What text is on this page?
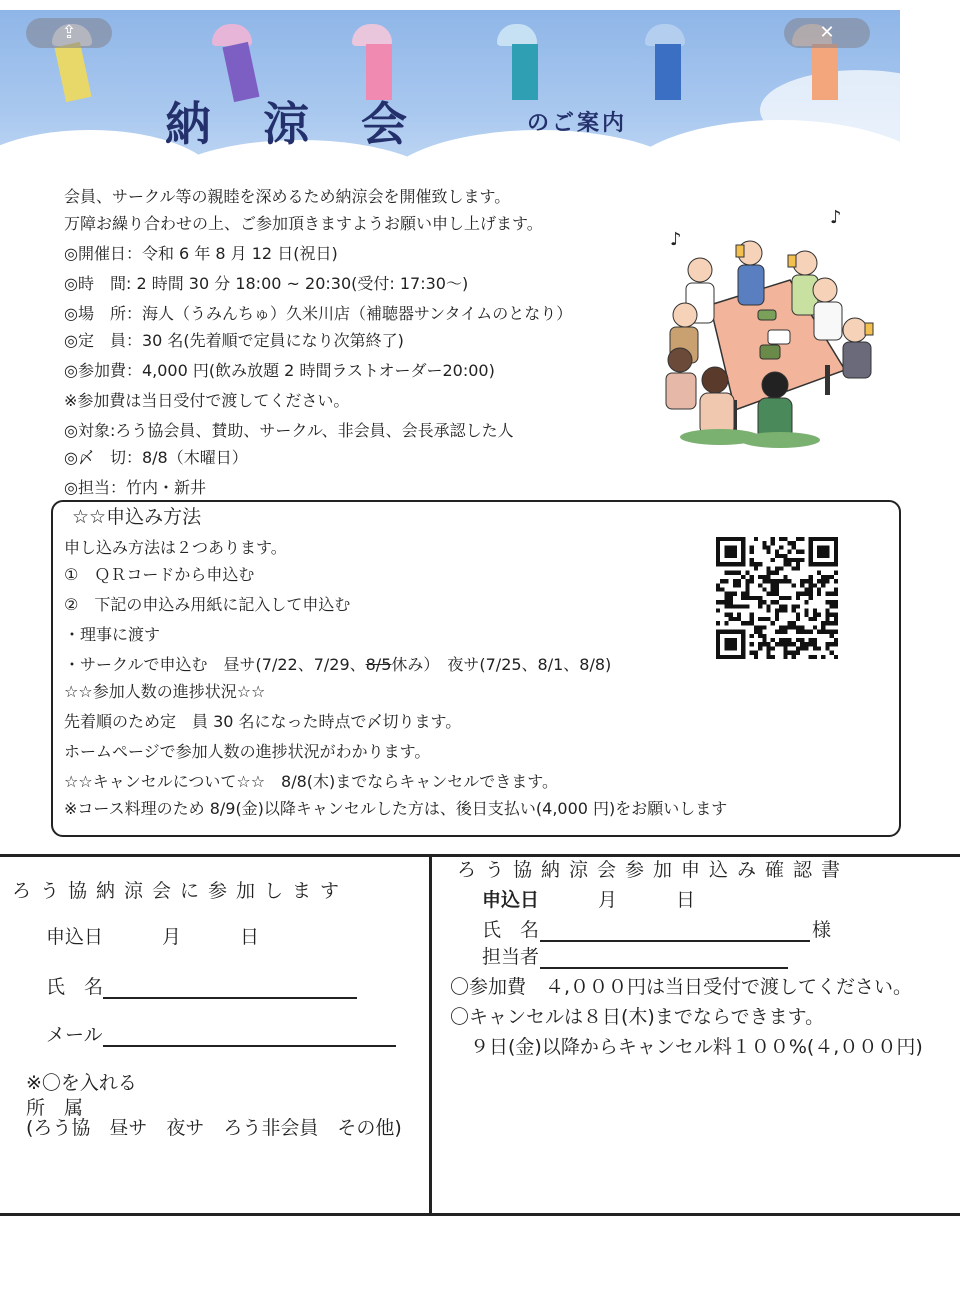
納 涼 会	のご案内
⇪	✕
会員、サークル等の親睦を深めるため納涼会を開催致します。
万障お繰り合わせの上、ご参加頂きますようお願い申し上げます。
◎開催日：令和 6 年 8 月 12 日(祝日)
◎時　間: 2 時間 30 分 18:00 ~ 20:30(受付: 17:30〜)
◎場　所：海人（うみんちゅ）久米川店（補聴器サンタイムのとなり）
◎定　員：30 名(先着順で定員になり次第終了)
◎参加費：4,000 円(飲み放題 2 時間ラストオーダー20:00)
※参加費は当日受付で渡してください。
◎対象:ろう協会員、賛助、サークル、非会員、会長承認した人
◎〆　切：8/8（木曜日）
◎担当：竹内・新井
♪
♪
☆☆申込み方法
申し込み方法は２つあります。
①　ＱＲコードから申込む
②　下記の申込み用紙に記入して申込む
・理事に渡す
・サークルで申込む　昼サ(7/22、7/29、8/5休み）　夜サ(7/25、8/1、8/8)
☆☆参加人数の進捗状況☆☆
先着順のため定　員 30 名になった時点で〆切ります。
ホームページで参加人数の進捗状況がわかります。
☆☆キャンセルについて☆☆　8/8(木)までならキャンセルできます。
※コース料理のため 8/9(金)以降キャンセルした方は、後日支払い(4,000 円)をお願いします
ろう協納涼会に参加します
申込日	月	日
氏　名
メール
※〇を入れる
所　属
(ろう協　昼サ　夜サ　ろう非会員　その他)
ろう協納涼会参加申込み確認書
申込日	月	日
氏　名	様
担当者
〇参加費　４,０００円は当日受付で渡してください。
〇キャンセルは８日(木)までならできます。
９日(金)以降からキャンセル料１００%(４,０００円)
